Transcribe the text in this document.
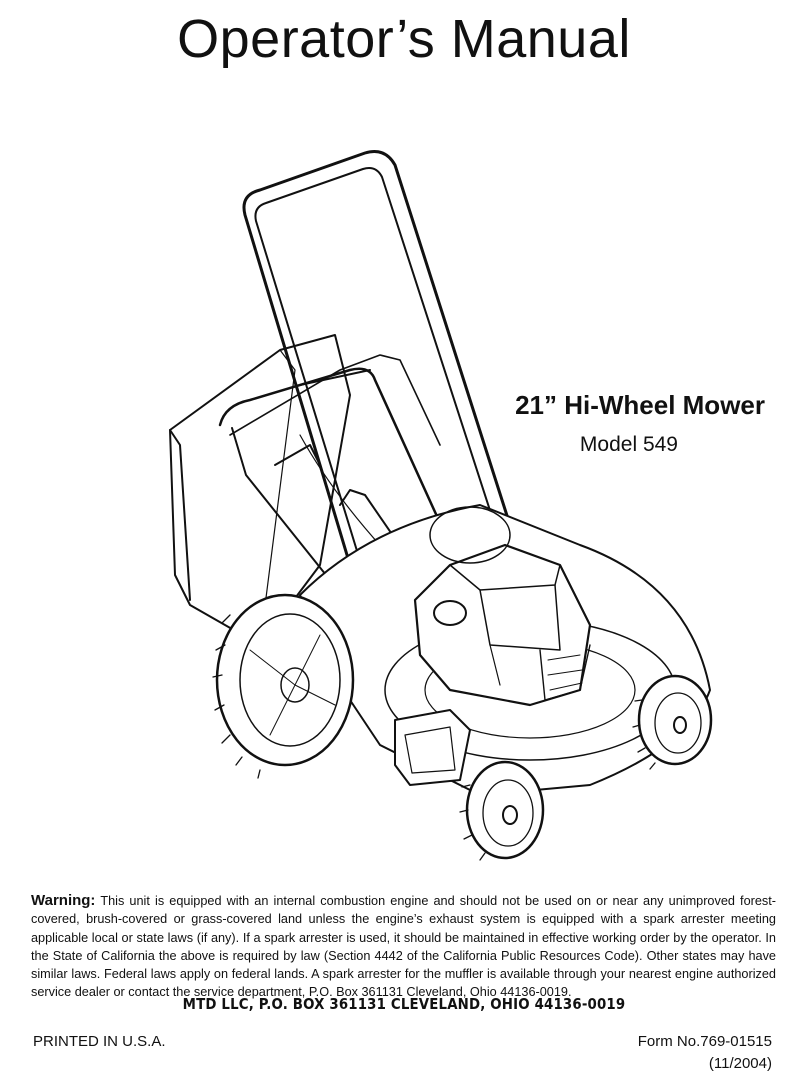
Operator’s Manual
21” Hi-Wheel Mower

Model 549

Warning: This unit is equipped with an internal combustion engine and should not be used on or near any unimproved forest-covered, brush-covered or grass-covered land unless the engine’s exhaust system is equipped with a spark arrester meeting applicable local or state laws (if any). If a spark arrester is used, it should be maintained in effective working order by the operator. In the State of California the above is required by law (Section 4442 of the California Public Resources Code). Other states may have similar laws. Federal laws apply on federal lands. A spark arrester for the muffler is available through your nearest engine authorized service dealer or contact the service department, P.O. Box 361131 Cleveland, Ohio 44136-0019.

MTD LLC, P.O. BOX 361131 CLEVELAND, OHIO 44136-0019

PRINTED IN U.S.A.	Form No.769-01515

(11/2004)
